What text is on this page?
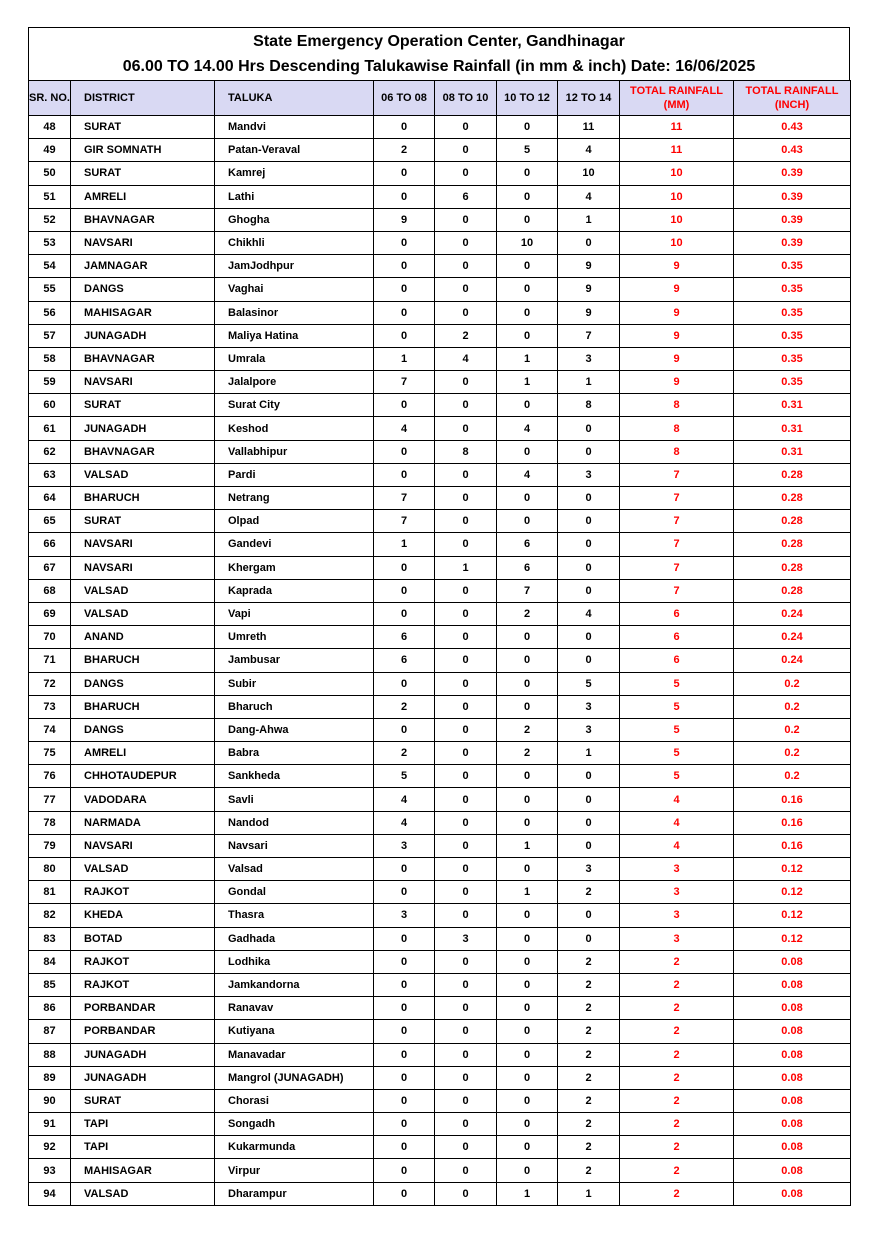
State Emergency Operation Center, Gandhinagar
06.00 TO 14.00 Hrs Descending Talukawise Rainfall (in mm & inch) Date: 16/06/2025
SR. NO.	DISTRICT	TALUKA	06 TO 08	08 TO 10	10 TO 12	12 TO 14	TOTAL RAINFALL (MM)	TOTAL RAINFALL (INCH)
48	SURAT	Mandvi	0	0	0	11	11	0.43
49	GIR SOMNATH	Patan-Veraval	2	0	5	4	11	0.43
50	SURAT	Kamrej	0	0	0	10	10	0.39
51	AMRELI	Lathi	0	6	0	4	10	0.39
52	BHAVNAGAR	Ghogha	9	0	0	1	10	0.39
53	NAVSARI	Chikhli	0	0	10	0	10	0.39
54	JAMNAGAR	JamJodhpur	0	0	0	9	9	0.35
55	DANGS	Vaghai	0	0	0	9	9	0.35
56	MAHISAGAR	Balasinor	0	0	0	9	9	0.35
57	JUNAGADH	Maliya Hatina	0	2	0	7	9	0.35
58	BHAVNAGAR	Umrala	1	4	1	3	9	0.35
59	NAVSARI	Jalalpore	7	0	1	1	9	0.35
60	SURAT	Surat City	0	0	0	8	8	0.31
61	JUNAGADH	Keshod	4	0	4	0	8	0.31
62	BHAVNAGAR	Vallabhipur	0	8	0	0	8	0.31
63	VALSAD	Pardi	0	0	4	3	7	0.28
64	BHARUCH	Netrang	7	0	0	0	7	0.28
65	SURAT	Olpad	7	0	0	0	7	0.28
66	NAVSARI	Gandevi	1	0	6	0	7	0.28
67	NAVSARI	Khergam	0	1	6	0	7	0.28
68	VALSAD	Kaprada	0	0	7	0	7	0.28
69	VALSAD	Vapi	0	0	2	4	6	0.24
70	ANAND	Umreth	6	0	0	0	6	0.24
71	BHARUCH	Jambusar	6	0	0	0	6	0.24
72	DANGS	Subir	0	0	0	5	5	0.2
73	BHARUCH	Bharuch	2	0	0	3	5	0.2
74	DANGS	Dang-Ahwa	0	0	2	3	5	0.2
75	AMRELI	Babra	2	0	2	1	5	0.2
76	CHHOTAUDEPUR	Sankheda	5	0	0	0	5	0.2
77	VADODARA	Savli	4	0	0	0	4	0.16
78	NARMADA	Nandod	4	0	0	0	4	0.16
79	NAVSARI	Navsari	3	0	1	0	4	0.16
80	VALSAD	Valsad	0	0	0	3	3	0.12
81	RAJKOT	Gondal	0	0	1	2	3	0.12
82	KHEDA	Thasra	3	0	0	0	3	0.12
83	BOTAD	Gadhada	0	3	0	0	3	0.12
84	RAJKOT	Lodhika	0	0	0	2	2	0.08
85	RAJKOT	Jamkandorna	0	0	0	2	2	0.08
86	PORBANDAR	Ranavav	0	0	0	2	2	0.08
87	PORBANDAR	Kutiyana	0	0	0	2	2	0.08
88	JUNAGADH	Manavadar	0	0	0	2	2	0.08
89	JUNAGADH	Mangrol (JUNAGADH)	0	0	0	2	2	0.08
90	SURAT	Chorasi	0	0	0	2	2	0.08
91	TAPI	Songadh	0	0	0	2	2	0.08
92	TAPI	Kukarmunda	0	0	0	2	2	0.08
93	MAHISAGAR	Virpur	0	0	0	2	2	0.08
94	VALSAD	Dharampur	0	0	1	1	2	0.08
